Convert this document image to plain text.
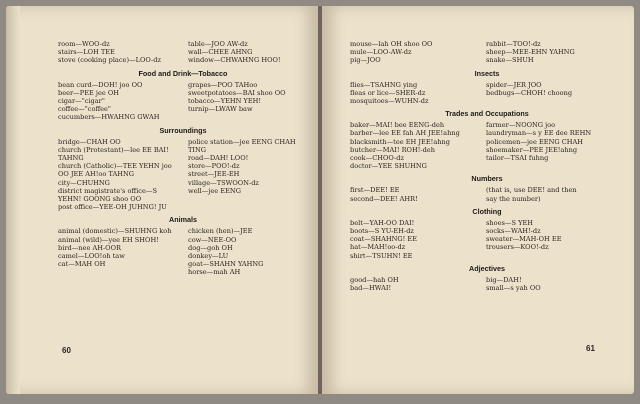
room—WOO-dz
stairs—LOH TEE
stove (cooking place)—LOO-dz
table—JOO AW-dz
wall—CHEE AHNG
window—CHWAHNG HOO!
Food and Drink—Tobacco
bean curd—DOH! joo OO
beer—PEE jee OH
cigar—"cigar"
coffee—"coffee"
cucumbers—HWAHNG GWAH
grapes—POO TAHoo
sweetpotatoes—BAI shoo OO
tobacco—YEHN YEH!
turnip—LWAW baw
Surroundings
bridge—CHAH OO
church (Protestant)—lee EE BAI! TAHNG
church (Catholic)—TEE YEHN joo OO JEE AH!oo TAHNG
city—CHUHNG
district magistrate's office—S YEHN! GOONG shoo OO
post office—YEE-OH JUHNG! JU
police station—jee EENG CHAH TING
road—DAH! LOO!
store—POO!-dz
street—JEE-EH
village—TSWOON-dz
well—jee EENG
Animals
animal (domestic)—SHUHNG koh
animal (wild)—yee EH SHOH!
bird—nee AH-OOR
camel—LOO!oh taw
cat—MAH OH
chicken (hen)—JEE
cow—NEE-OO
dog—goh OH
donkey—LU
goat—SHAHN YAHNG
horse—mah AH
60
mouse—lah OH shoo OO
mule—LOO-AW-dz
pig—JOO
rabbit—TOO!-dz
sheep—MEE-EHN YAHNG
snake—SHUH
Insects
flies—TSAHNG ying
fleas or lice—SHER-dz
mosquitoes—WUHN-dz
spider—JER JOO
bedbugs—CHOH! choong
Trades and Occupations
baker—MAI! bee EENG-deh
barber—lee EE fah AH JEE!ahng
blacksmith—tee EH JEE!ahng
butcher—MAI! ROH!-deh
cook—CHOO-dz
doctor—YEE SHUHNG
farmer—NOONG joo
laundryman—s y EE dee REHN
policemen—jee EENG CHAH
shoemaker—PEE JEE!ahng
tailor—TSAI fuhng
Numbers
first—DEE! EE
second—DEE! AHR!
(that is, use DEE! and then
say the number)
Clothing
belt—YAH-OO DAI!
boots—S YU-EH-dz
coat—SHAHNG! EE
hat—MAH!oo-dz
shirt—TSUHN! EE
shoes—S YEH
socks—WAH!-dz
sweater—MAH-OH EE
trousers—KOO!-dz
Adjectives
good—hah OH
bad—HWAI!
big—DAH!
small—s yah OO
61
